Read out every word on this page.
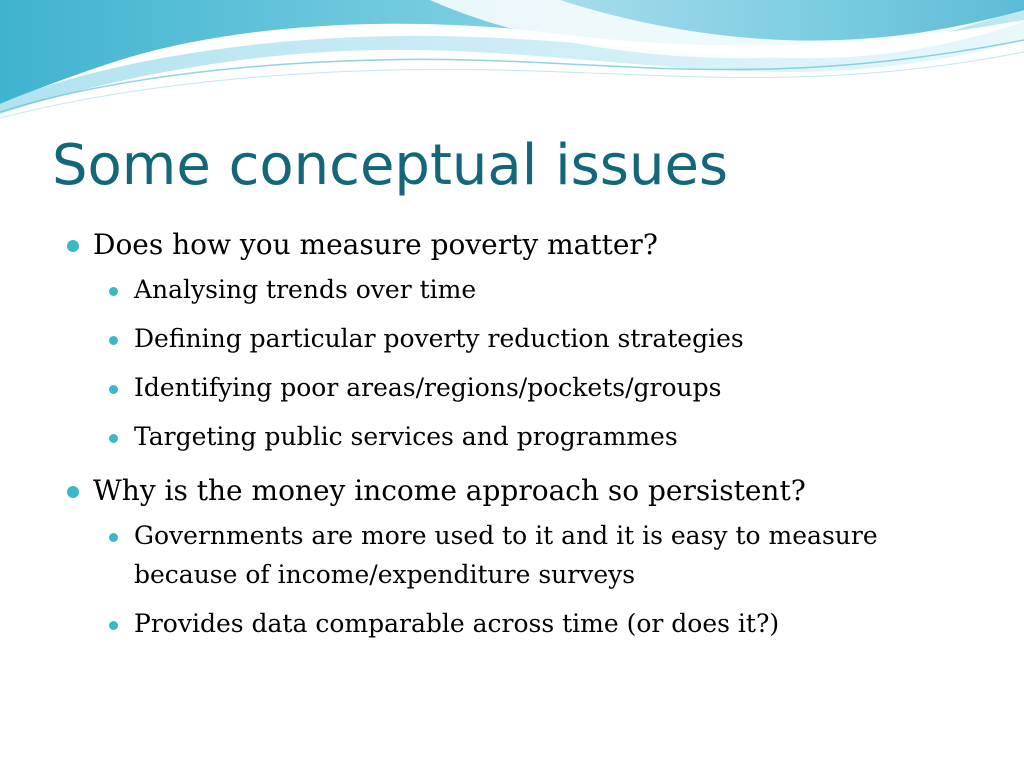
Some conceptual issues
Does how you measure poverty matter?
Analysing trends over time
Defining particular poverty reduction strategies
Identifying poor areas/regions/pockets/groups
Targeting public services and programmes
Why is the money income approach so persistent?
Governments are more used to it and it is easy to measure because of income/expenditure surveys
Provides data comparable across time (or does it?)
